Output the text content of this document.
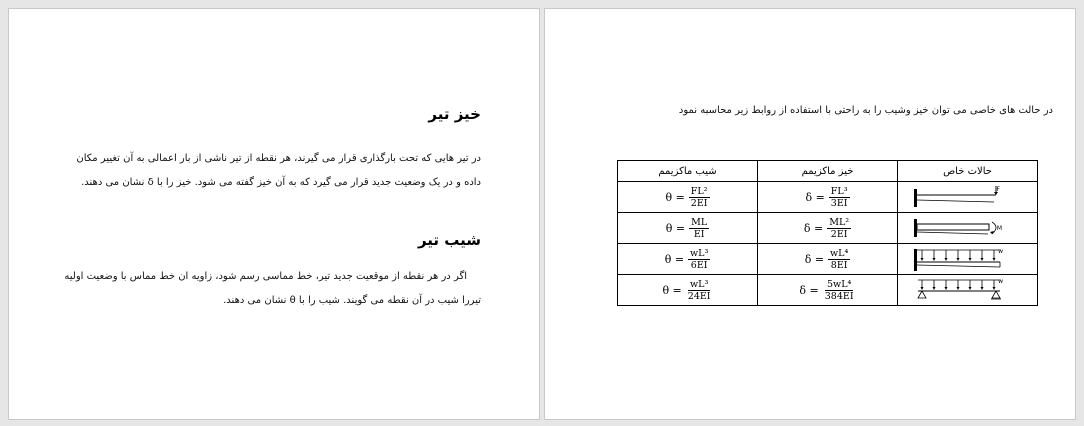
خیز تیر
در تیر هایی که تحت بارگذاری قرار می گیرند، هر نقطه از تیر ناشی از بار اعمالی به آن تغییر مکان
داده و در یک وضعیت جدید قرار می گیرد که به آن خیز گفته می شود. خیز را با δ نشان می دهند.
شیب تیر
اگر در هر نقطه از موقعیت جدید تیر، خط مماسی رسم شود، زاویه ان خط مماس با وضعیت اولیه
تیررا شیب در آن نقطه می گویند. شیب را با θ نشان می دهند.
در حالت های خاصی می توان خیز وشیب را به راحتی با استفاده از روابط زیر محاسبه نمود
حالات خاص	خیز ماکزیمم	شیب ماکزیمم

F	$\delta = \frac{\text{FL³}}{3EI}$	$\theta = \frac{\text{FL²}}{2EI}$

M	$\delta = \frac{\text{ML²}}{2EI}$	$\theta = \frac{ML}{EI}$

w	$\delta = \frac{\text{wL⁴}}{8EI}$	$\theta = \frac{\text{wL³}}{6EI}$

w	$\delta = \frac{\text{5wL⁴}}{384EI}$	$\theta = \frac{\text{wL³}}{24EI}$
